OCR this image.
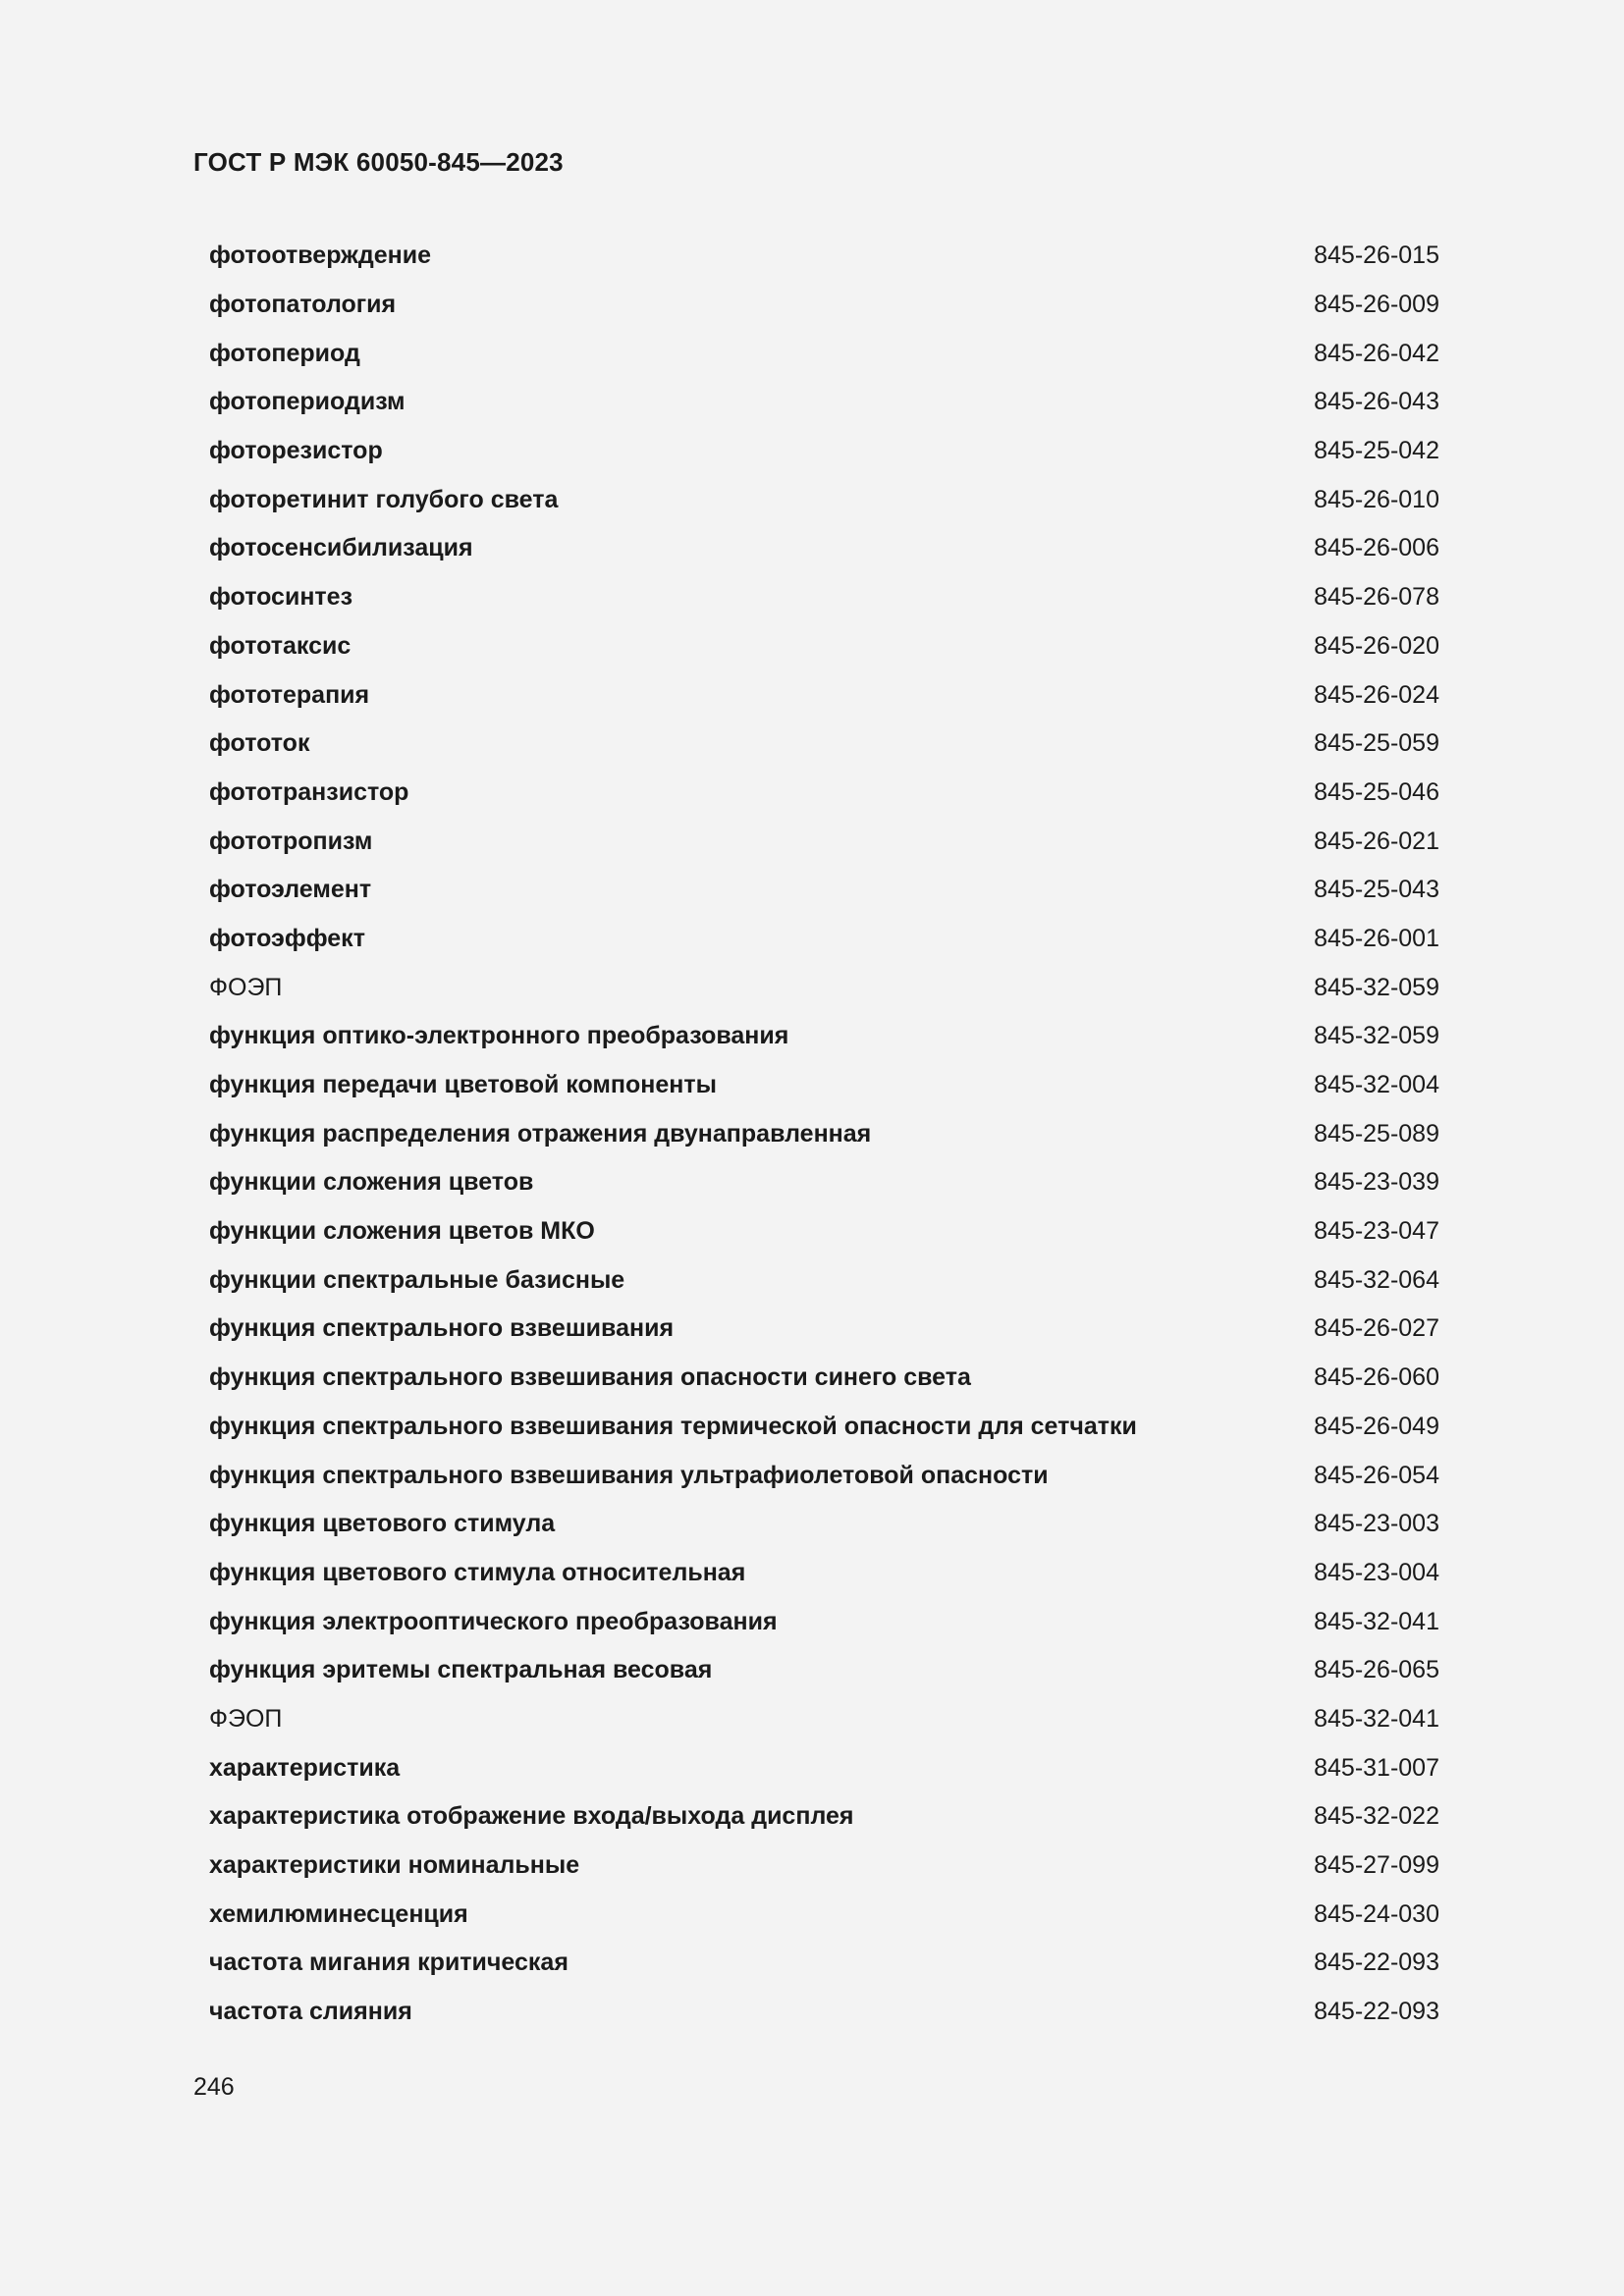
ГОСТ Р МЭК 60050-845—2023
фотоотверждение	845-26-015
фотопатология	845-26-009
фотопериод	845-26-042
фотопериодизм	845-26-043
фоторезистор	845-25-042
фоторетинит голубого света	845-26-010
фотосенсибилизация	845-26-006
фотосинтез	845-26-078
фототаксис	845-26-020
фототерапия	845-26-024
фототок	845-25-059
фототранзистор	845-25-046
фототропизм	845-26-021
фотоэлемент	845-25-043
фотоэффект	845-26-001
ФОЭП	845-32-059
функция оптико-электронного преобразования	845-32-059
функция передачи цветовой компоненты	845-32-004
функция распределения отражения двунаправленная	845-25-089
функции сложения цветов	845-23-039
функции сложения цветов МКО	845-23-047
функции спектральные базисные	845-32-064
функция спектрального взвешивания	845-26-027
функция спектрального взвешивания опасности синего света	845-26-060
функция спектрального взвешивания термической опасности для сетчатки	845-26-049
функция спектрального взвешивания ультрафиолетовой опасности	845-26-054
функция цветового стимула	845-23-003
функция цветового стимула относительная	845-23-004
функция электрооптического преобразования	845-32-041
функция эритемы спектральная весовая	845-26-065
ФЭОП	845-32-041
характеристика	845-31-007
характеристика отображение входа/выхода дисплея	845-32-022
характеристики номинальные	845-27-099
хемилюминесценция	845-24-030
частота мигания критическая	845-22-093
частота слияния	845-22-093
246
